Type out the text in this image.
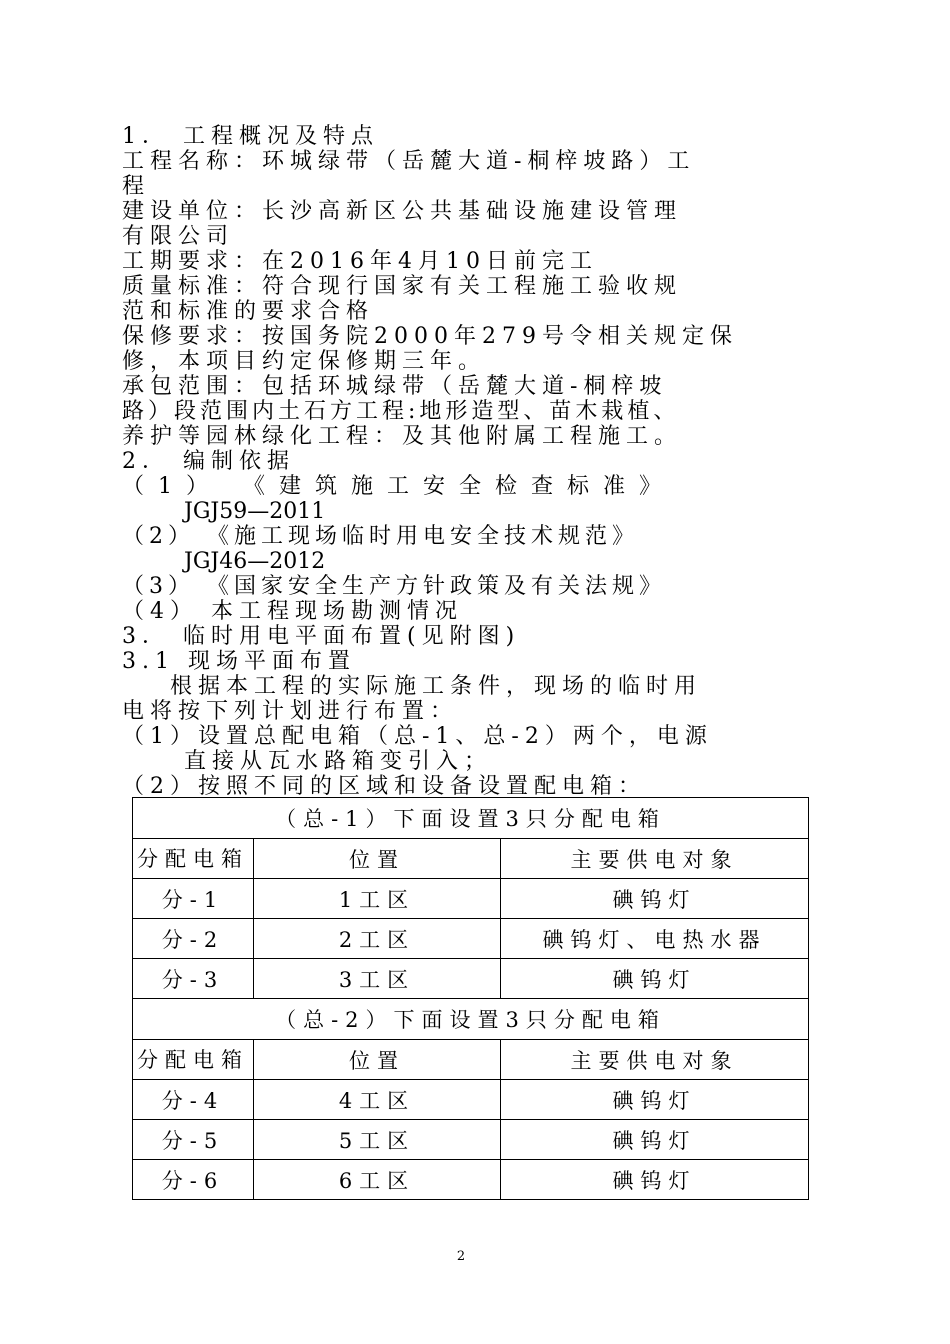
1． 工程概况及特点
工程名称：环城绿带（岳麓大道-桐梓坡路）工
程
建设单位：长沙高新区公共基础设施建设管理
有限公司
工期要求：在2016年4月10日前完工
质量标准：符合现行国家有关工程施工验收规
范和标准的要求合格
保修要求：按国务院2000年279号令相关规定保
修，本项目约定保修期三年。
承包范围：包括环城绿带（岳麓大道-桐梓坡
路）段范围内土石方工程:地形造型、苗木栽植、
养护等园林绿化工程：及其他附属工程施工。
2． 编制依据
（1） 《建筑施工安全检查标准》
JGJ59—2011
（2） 《施工现场临时用电安全技术规范》
JGJ46—2012
（3） 《国家安全生产方针政策及有关法规》
（4） 本工程现场勘测情况
3． 临时用电平面布置(见附图)
3.1 现场平面布置
根据本工程的实际施工条件，现场的临时用
电将按下列计划进行布置：
（1）设置总配电箱（总-1、总-2）两个，电源
直接从瓦水路箱变引入；
（2）按照不同的区域和设备设置配电箱：
（总-1）下面设置3只分配电箱		

分配电箱	位置	主要供电对象
分-1	1工区	碘钨灯
分-2	2工区	碘钨灯、电热水器
分-3	3工区	碘钨灯
（总-2）下面设置3只分配电箱		

分配电箱	位置	主要供电对象
分-4	4工区	碘钨灯
分-5	5工区	碘钨灯
分-6	6工区	碘钨灯
2
